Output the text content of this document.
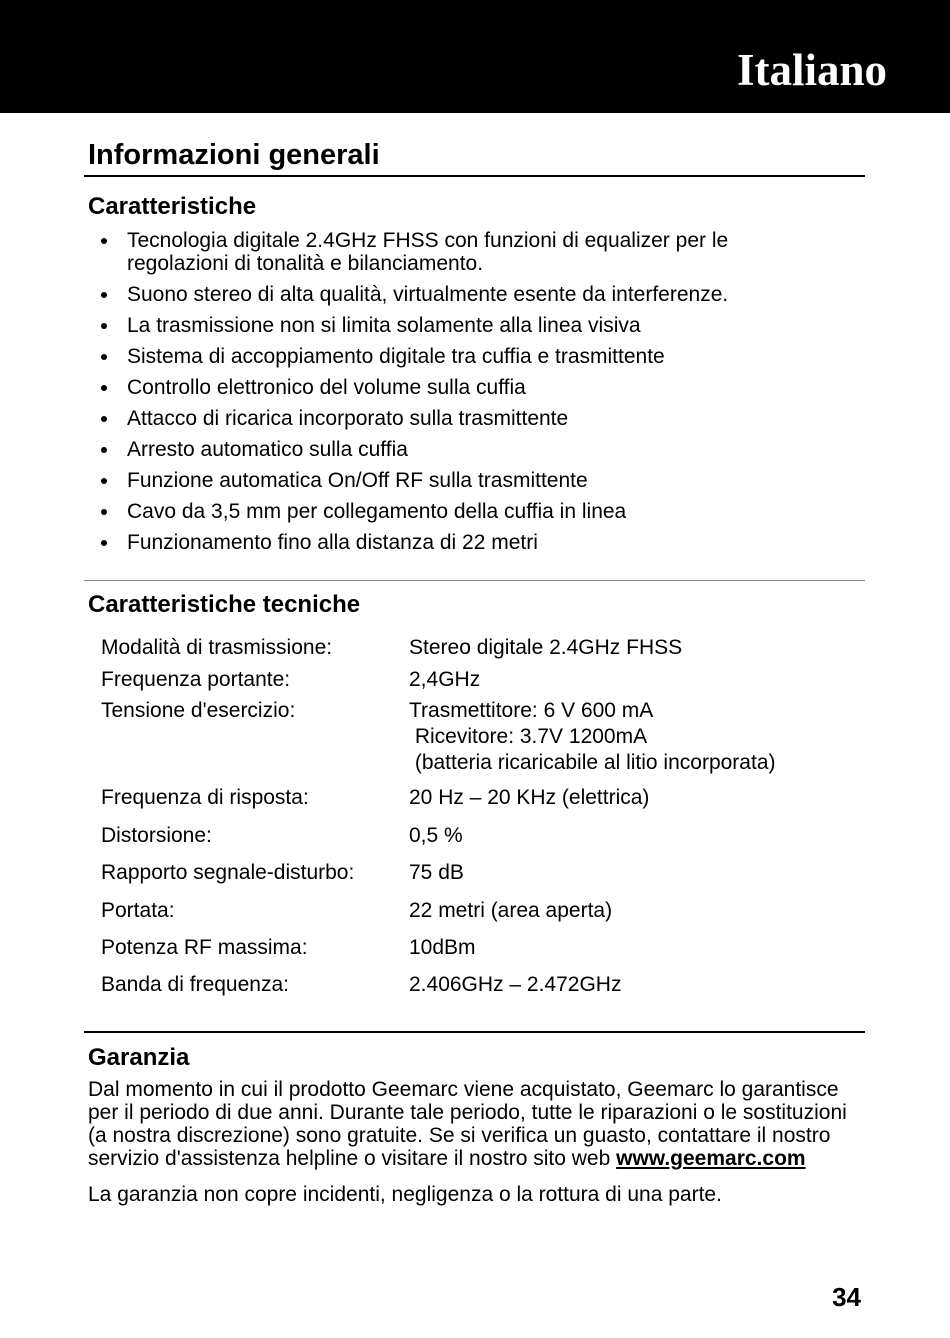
Italiano
Informazioni generali
Caratteristiche
Tecnologia digitale 2.4GHz FHSS con funzioni di equalizer per le regolazioni di tonalità e bilanciamento.
Suono stereo di alta qualità, virtualmente esente da interferenze.
La trasmissione non si limita solamente alla linea visiva
Sistema di accoppiamento digitale tra cuffia e trasmittente
Controllo elettronico del volume sulla cuffia
Attacco di ricarica incorporato sulla trasmittente
Arresto automatico sulla cuffia
Funzione automatica On/Off RF sulla trasmittente
Cavo da 3,5 mm per collegamento della cuffia in linea
Funzionamento fino alla distanza di 22 metri
Caratteristiche tecniche
Modalità di trasmissione:	Stereo digitale 2.4GHz FHSS
Frequenza portante:	2,4GHz
Tensione d'esercizio:	Trasmettitore: 6 V 600 mA
Ricevitore: 3.7V 1200mA
(batteria ricaricabile al litio incorporata)
Frequenza di risposta:	20 Hz – 20 KHz (elettrica)
Distorsione:	0,5 %
Rapporto segnale-disturbo:	75 dB
Portata:	22 metri (area aperta)
Potenza RF massima:	10dBm
Banda di frequenza:	2.406GHz – 2.472GHz
Garanzia

Dal momento in cui il prodotto Geemarc viene acquistato, Geemarc lo garantisce per il periodo di due anni. Durante tale periodo, tutte le riparazioni o le sostituzioni (a nostra discrezione) sono gratuite. Se si verifica un guasto, contattare il nostro servizio d'assistenza helpline o visitare il nostro sito web www.geemarc.com

La garanzia non copre incidenti, negligenza o la rottura di una parte.

34
